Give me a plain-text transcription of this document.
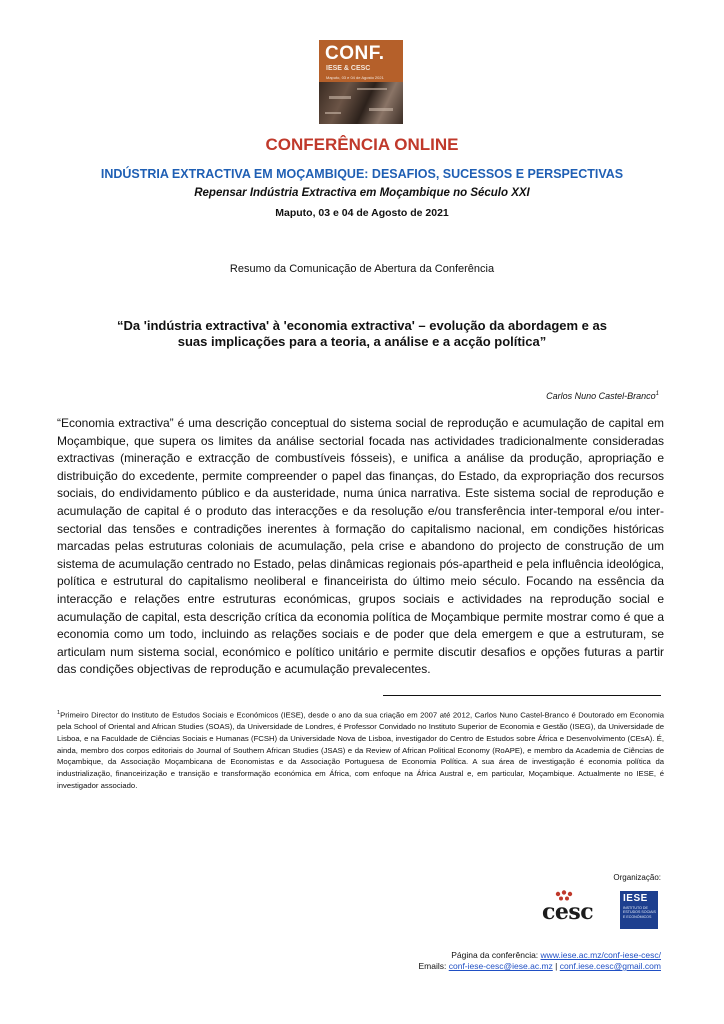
CONF.
IESE & CESC
Maputo, 03 e 04 de Agosto 2021
CONFERÊNCIA ONLINE
INDÚSTRIA EXTRACTIVA EM MOÇAMBIQUE: DESAFIOS, SUCESSOS E PERSPECTIVAS
Repensar Indústria Extractiva em Moçambique no Século XXI
Maputo, 03 e 04 de Agosto de 2021
Resumo da Comunicação de Abertura da Conferência
“Da 'indústria extractiva' à 'economia extractiva' – evolução da abordagem e as suas implicações para a teoria, a análise e a acção política”
Carlos Nuno Castel-Branco$^1$
“Economia extractiva” é uma descrição conceptual do sistema social de reprodução e acumulação de capital em Moçambique, que supera os limites da análise sectorial focada nas actividades tradicionalmente consideradas extractivas (mineração e extracção de combustíveis fósseis), e unifica a análise da produção, apropriação e distribuição do excedente, permite compreender o papel das finanças, do Estado, da expropriação dos recursos sociais, do endividamento público e da austeridade, numa única narrativa. Este sistema social de reprodução e acumulação de capital é o produto das interacções e da resolução e/ou transferência inter-temporal e/ou inter-sectorial das tensões e contradições inerentes à formação do capitalismo nacional, em condições históricas marcadas pelas estruturas coloniais de acumulação, pela crise e abandono do projecto de construção de um sistema de acumulação centrado no Estado, pelas dinâmicas regionais pós-apartheid e pela influência ideológica, política e estrutural do capitalismo neoliberal e financeirista do último meio século. Focando na essência da interacção e relações entre estruturas económicas, grupos sociais e actividades na reprodução social e acumulação de capital, esta descrição crítica da economia política de Moçambique permite mostrar como é que a economia como um todo, incluindo as relações sociais e de poder que dela emergem e que a estruturam, se articulam num sistema social, económico e político unitário e permite discutir desafios e opções futuras a partir das condições objectivas de reprodução e acumulação prevalecentes.
$^1$Primeiro Director do Instituto de Estudos Sociais e Económicos (IESE), desde o ano da sua criação em 2007 até 2012, Carlos Nuno Castel-Branco é Doutorado em Economia pela School of Oriental and African Studies (SOAS), da Universidade de Londres, é Professor Convidado no Instituto Superior de Economia e Gestão (ISEG), da Universidade de Lisboa, e na Faculdade de Ciências Sociais e Humanas (FCSH) da Universidade Nova de Lisboa, investigador do Centro de Estudos sobre África e Desenvolvimento (CEsA). É, ainda, membro dos corpos editoriais do Journal of Southern African Studies (JSAS) e da Review of African Political Economy (RoAPE), e membro da Academia de Ciências de Moçambique, da Associação Moçambicana de Economistas e da Associação Portuguesa de Economia Política. A sua área de investigação é economia política da industrialização, financeirização e transição e transformação económica em África, com enfoque na África Austral e, em particular, Moçambique. Actualmente no IESE, é investigador associado.
Organização:
cesc
IESE
INSTITUTO DE ESTUDOS SOCIAIS E ECONÓMICOS
Página da conferência: www.iese.ac.mz/conf-iese-cesc/
Emails: conf-iese-cesc@iese.ac.mz | conf.iese.cesc@gmail.com
